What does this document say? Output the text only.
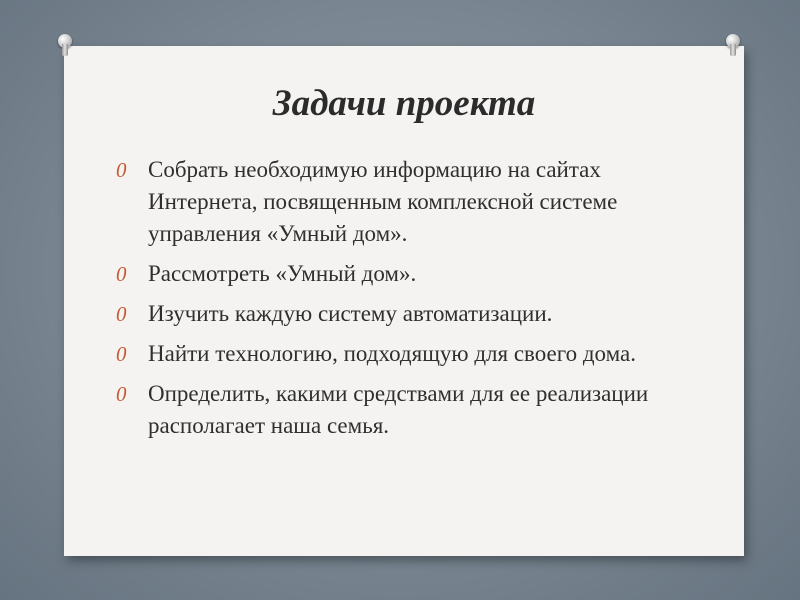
Задачи проекта
0 Собрать необходимую информацию на сайтах Интернета, посвященным комплексной системе управления «Умный дом».
0 Рассмотреть «Умный дом».
0 Изучить каждую систему автоматизации.
0 Найти технологию, подходящую для своего дома.
0 Определить, какими средствами для ее реализации располагает наша семья.
